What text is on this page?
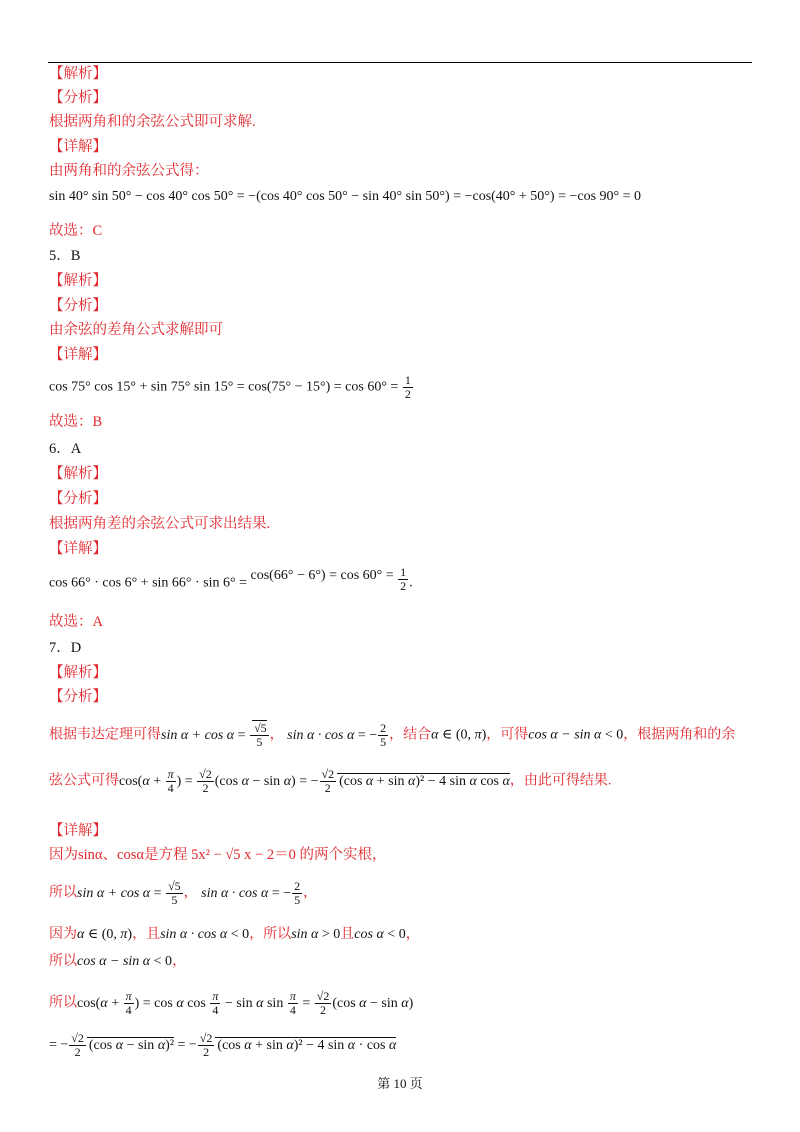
【解析】
【分析】
根据两角和的余弦公式即可求解.
【详解】
由两角和的余弦公式得：
sin 40° sin 50° − cos 40° cos 50° = −(cos 40° cos 50° − sin 40° sin 50°) = −cos(40° + 50°) = −cos 90° = 0
故选：C
5．B
【解析】
【分析】
由余弦的差角公式求解即可
【详解】
cos 75° cos 15° + sin 75° $\sin 15^\circ = \cos(75^\circ - 15^\circ) = \cos 60^\circ = \frac{1}{2}$
故选：B
6．A
【解析】
【分析】
根据两角差的余弦公式可求出结果.
【详解】
$\cos 66^\circ \cdot \cos 6^\circ + \sin 66^\circ \cdot \sin 6^\circ = \cos(66^\circ - 6^\circ) = \cos 60^\circ = \frac{1}{2}$ .
故选：A
7．D
【解析】
【分析】
根据韦达定理可得$\sin \alpha + \cos \alpha = \frac{√5}{5}$ ， sin α · cos α = − $\frac{2}{5}$ ，结合α ∈ (0, π)，可得cos α − sin α < 0，根据两角和的余
弦公式可得$\cos(\alpha + \frac{\pi}{4}$ ) = $\frac{√2}{2} (\cos$ α − sin α) = − $\frac{√2}{2} (\cos$ α + sin α)² − 4 sin α cos α，由此可得结果.
【详解】
因为sinα、cosα是方程 5x² − √5 x − 2＝0 的两个实根，
所以$\sin \alpha + \cos \alpha = \frac{√5}{5}$ ， sin α · cos α = − $\frac{2}{5}$ ，
因为α ∈ (0, π)，且sin α · cos α < 0，所以sin α > 0且cos α < 0，
所以cos α − sin α < 0，
所以$\cos(\alpha + \frac{\pi}{4}$ ) = cos α $\cos \frac{\pi}{4} - \sin \alpha$ $\sin \frac{\pi}{4} = \frac{√2}{2} (\cos$ α − sin α)
= − $\frac{√2}{2} (\cos$ α − sin α)² = − $\frac{√2}{2} (\cos$ α + sin α)² − 4 sin α · cos α
第 10 页
